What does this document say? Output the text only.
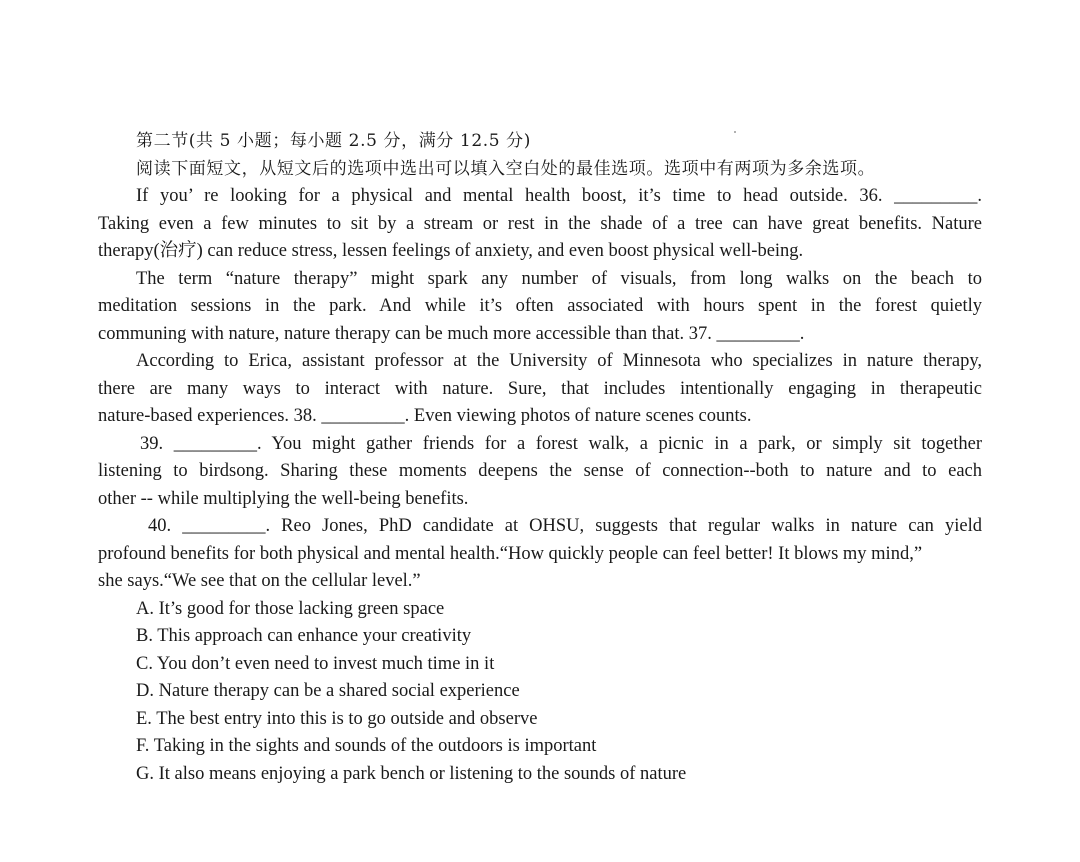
第二节(共 5 小题；每小题 2.5 分，满分 12.5 分)

阅读下面短文，从短文后的选项中选出可以填入空白处的最佳选项。选项中有两项为多余选项。

If you’ re looking for a physical and mental health boost, it’s time to head outside. 36. _________.

Taking even a few minutes to sit by a stream or rest in the shade of a tree can have great benefits. Nature

therapy(治疗) can reduce stress, lessen feelings of anxiety, and even boost physical well-being.

The term “nature therapy” might spark any number of visuals, from long walks on the beach to

meditation sessions in the park. And while it’s often associated with hours spent in the forest quietly

communing with nature, nature therapy can be much more accessible than that. 37. _________.

According to Erica, assistant professor at the University of Minnesota who specializes in nature therapy,

there are many ways to interact with nature. Sure, that includes intentionally engaging in therapeutic

nature-based experiences. 38. _________. Even viewing photos of nature scenes counts.

39. _________. You might gather friends for a forest walk, a picnic in a park, or simply sit together

listening to birdsong. Sharing these moments deepens the sense of connection--both to nature and to each

other -- while multiplying the well-being benefits.

40. _________. Reo Jones, PhD candidate at OHSU, suggests that regular walks in nature can yield

profound benefits for both physical and mental health.“How quickly people can feel better! It blows my mind,”

she says.“We see that on the cellular level.”

A. It’s good for those lacking green space

B. This approach can enhance your creativity

C. You don’t even need to invest much time in it

D. Nature therapy can be a shared social experience

E. The best entry into this is to go outside and observe

F. Taking in the sights and sounds of the outdoors is important

G. It also means enjoying a park bench or listening to the sounds of nature
